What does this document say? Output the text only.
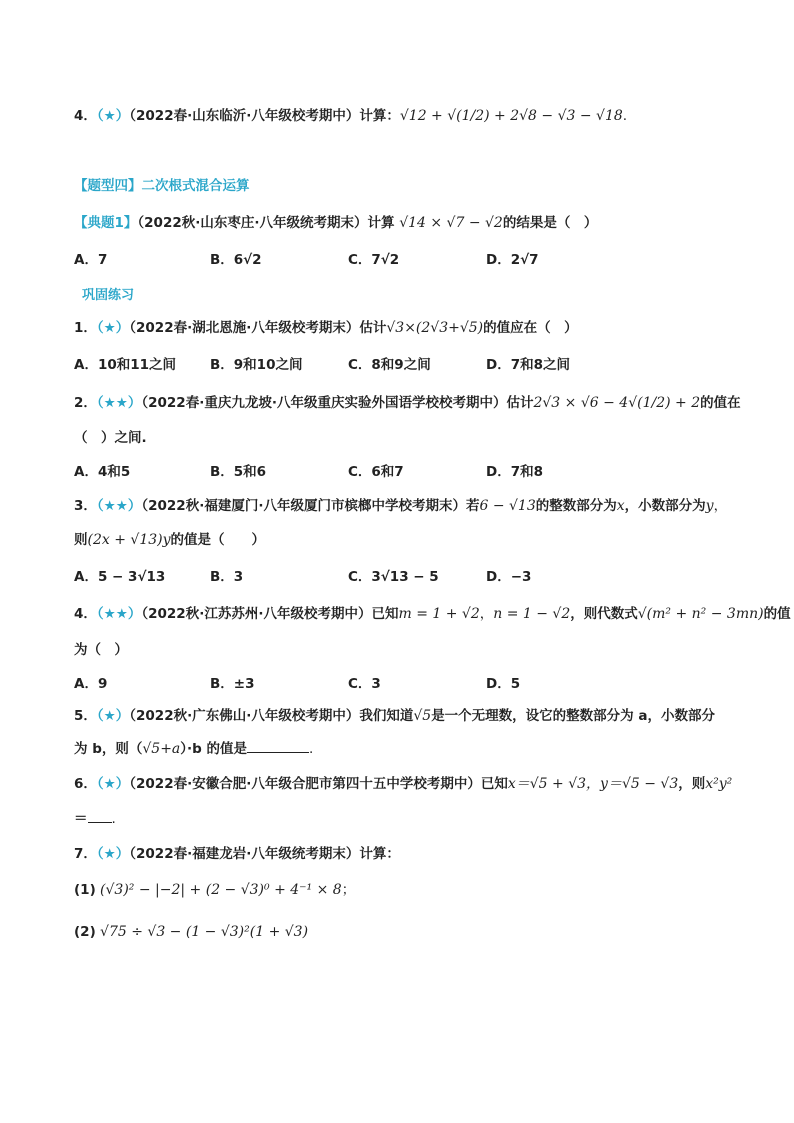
4．（★）（2022春·山东临沂·八年级校考期中）计算：√12 + √(1/2) + 2√8 − √3 − √18.
【题型四】二次根式混合运算
【典题1】（2022秋·山东枣庄·八年级统考期末）计算 √14 × √7 − √2的结果是（　）
A．7	B．6√2	C．7√2	D．2√7
巩固练习
1．（★）（2022春·湖北恩施·八年级校考期末）估计√3×(2√3+√5)的值应在（　）
A．10和11之间	B．9和10之间	C．8和9之间	D．7和8之间
2．（★★）（2022春·重庆九龙坡·八年级重庆实验外国语学校校考期中）估计2√3 × √6 − 4√(1/2) + 2的值在
（　）之间.
A．4和5	B．5和6	C．6和7	D．7和8
3．（★★）（2022秋·福建厦门·八年级厦门市槟榔中学校考期末）若6 − √13的整数部分为x，小数部分为y，
则(2x + √13)y的值是（　　）
A．5 − 3√13	B．3	C．3√13 − 5	D．−3
4．（★★）（2022秋·江苏苏州·八年级校考期中）已知m = 1 + √2，n = 1 − √2，则代数式√(m² + n² − 3mn)的值
为（　）
A．9	B．±3	C．3	D．5
5．（★）（2022秋·广东佛山·八年级校考期中）我们知道√5是一个无理数，设它的整数部分为 a，小数部分
为 b，则（√5+a）·b 的值是	.
6．（★）（2022春·安徽合肥·八年级合肥市第四十五中学校考期中）已知x＝√5 + √3，y＝√5 − √3，则x²y²
＝ .
7．（★）（2022春·福建龙岩·八年级统考期末）计算：
(1) (√3)² − |−2| + (2 − √3)⁰ + 4⁻¹ × 8；
(2) √75 ÷ √3 − (1 − √3)²(1 + √3)
